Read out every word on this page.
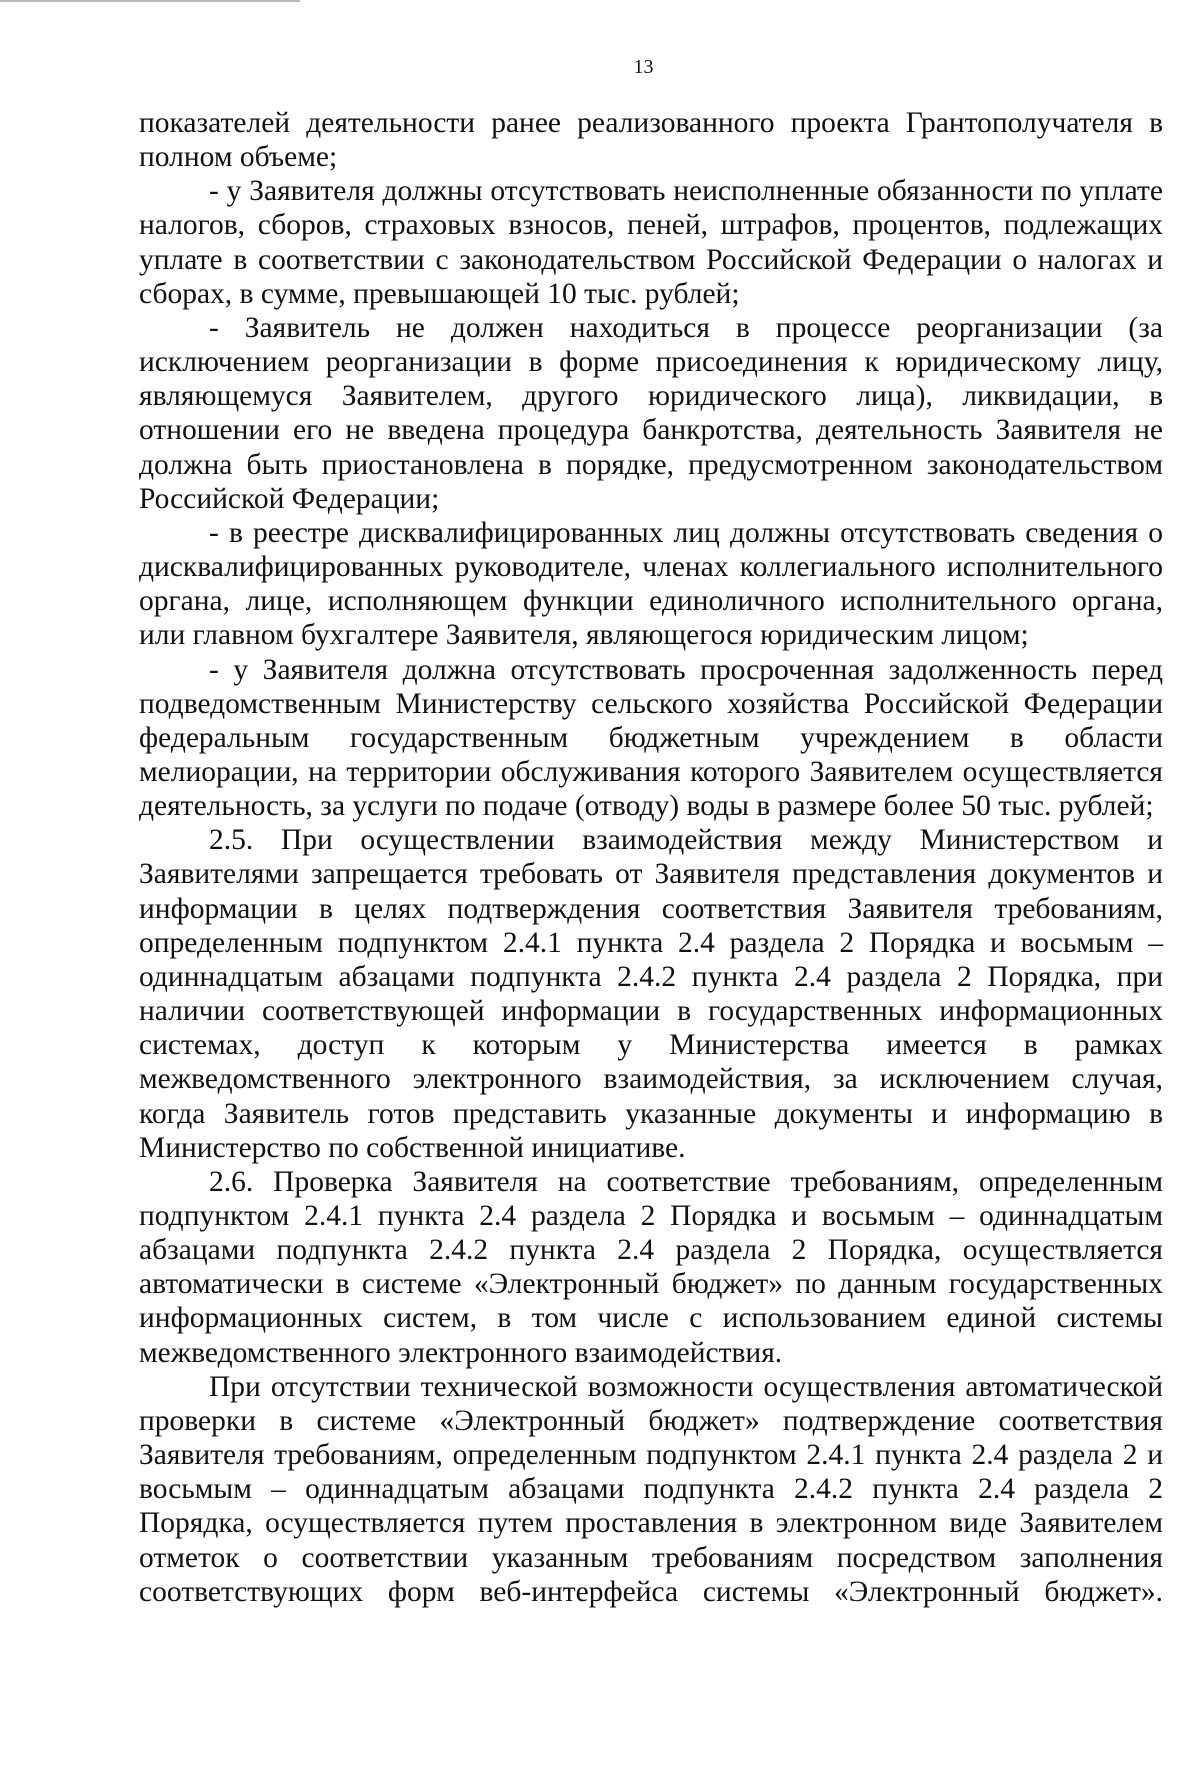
13

показателей деятельности ранее реализованного проекта Грантополучателя в полном объеме;

- у Заявителя должны отсутствовать неисполненные обязанности по уплате налогов, сборов, страховых взносов, пеней, штрафов, процентов, подлежащих уплате в соответствии с законодательством Российской Федерации о налогах и сборах, в сумме, превышающей 10 тыс. рублей;

- Заявитель не должен находиться в процессе реорганизации (за исключением реорганизации в форме присоединения к юридическому лицу, являющемуся Заявителем, другого юридического лица), ликвидации, в отношении его не введена процедура банкротства, деятельность Заявителя не должна быть приостановлена в порядке, предусмотренном законодательством Российской Федерации;

- в реестре дисквалифицированных лиц должны отсутствовать сведения о дисквалифицированных руководителе, членах коллегиального исполнительного органа, лице, исполняющем функции единоличного исполнительного органа, или главном бухгалтере Заявителя, являющегося юридическим лицом;

- у Заявителя должна отсутствовать просроченная задолженность перед подведомственным Министерству сельского хозяйства Российской Федерации федеральным государственным бюджетным учреждением в области мелиорации, на территории обслуживания которого Заявителем осуществляется деятельность, за услуги по подаче (отводу) воды в размере более 50 тыс. рублей;

2.5. При осуществлении взаимодействия между Министерством и Заявителями запрещается требовать от Заявителя представления документов и информации в целях подтверждения соответствия Заявителя требованиям, определенным подпунктом 2.4.1 пункта 2.4 раздела 2 Порядка и восьмым – одиннадцатым абзацами подпункта 2.4.2 пункта 2.4 раздела 2 Порядка, при наличии соответствующей информации в государственных информационных системах, доступ к которым у Министерства имеется в рамках межведомственного электронного взаимодействия, за исключением случая, когда Заявитель готов представить указанные документы и информацию в Министерство по собственной инициативе.

2.6. Проверка Заявителя на соответствие требованиям, определенным подпунктом 2.4.1 пункта 2.4 раздела 2 Порядка и восьмым – одиннадцатым абзацами подпункта 2.4.2 пункта 2.4 раздела 2 Порядка, осуществляется автоматически в системе «Электронный бюджет» по данным государственных информационных систем, в том числе с использованием единой системы межведомственного электронного взаимодействия.

При отсутствии технической возможности осуществления автоматической проверки в системе «Электронный бюджет» подтверждение соответствия Заявителя требованиям, определенным подпунктом 2.4.1 пункта 2.4 раздела 2 и восьмым – одиннадцатым абзацами подпункта 2.4.2 пункта 2.4 раздела 2 Порядка, осуществляется путем проставления в электронном виде Заявителем отметок о соответствии указанным требованиям посредством заполнения соответствующих форм веб-интерфейса системы «Электронный бюджет».
